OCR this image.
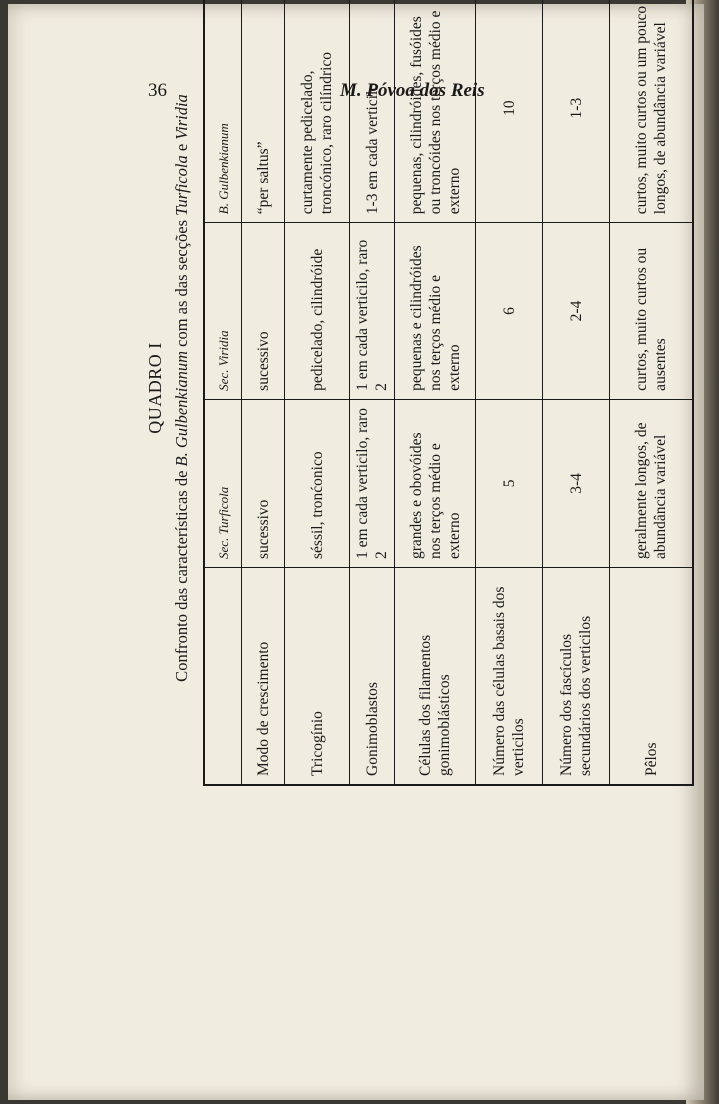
36	M. Póvoa dos Reis
QUADRO I
Confronto das características de B. Gulbenkianum com as das secções Turficola e Viridia
	Sec. Turficola	Sec. Viridia	B. Gulbenkianum
Modo de crescimento	sucessivo	sucessivo	“per saltus”
Tricogínio	séssil, tronćonico	pedicelado, cilindróide	curtamente pedicelado, troncónico, raro cilíndrico
Gonimoblastos	1 em cada verticilo, raro 2	1 em cada verticilo, raro 2	1-3 em cada verticilo
Células dos filamentos gonimoblásticos	grandes e obovóides nos terços médio e externo	pequenas e cilindróides nos terços médio e externo	pequenas, cilindróides, fusóides ou troncóides nos terços médio e externo
Número das células basais dos verticilos	5	6	10
Número dos fascículos secundários dos verticilos	3-4	2-4	1-3
Pêlos	geralmente longos, de abundância variável	curtos, muito curtos ou ausentes	curtos, muito curtos ou um pouco longos, de abundância variável
